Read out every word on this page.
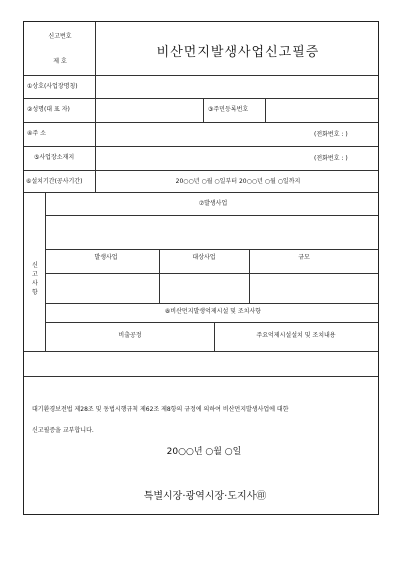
신고번호
제 호
비산먼지발생사업신고필증
①상호(사업장명칭)
②성명(대 표 자)	③주민등록번호
④주 소	(전화번호 : )
⑤사업장소재지	(전화번호 : )
⑥설치기간(공사기간)	20○○년 ○월 ○일부터 20○○년 ○월 ○일까지
신고사항
⑦발생사업
발생사업	대상사업	규모
⑧비산먼지발생억제시설 및 조치사항
비출공정	주요억제시설설치 및 조치내용
대기환경보전법 제28조 및 동법시행규칙 제62조 제8항의 규정에 의하여 비산먼지발생사업에 대한
신고필증을 교부합니다.
20○○년 ○월 ○일
특별시장·광역시장·도지사㊞
